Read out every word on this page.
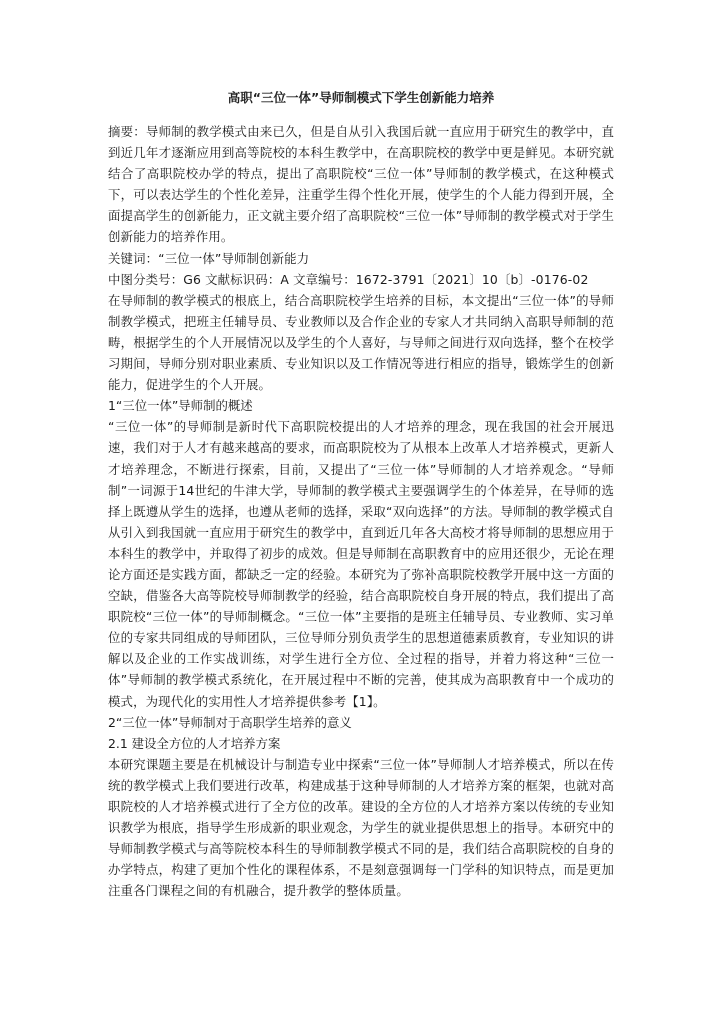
高职“三位一体”导师制模式下学生创新能力培养

摘要：导师制的教学模式由来已久，但是自从引入我国后就一直应用于研究生的教学中，直到近几年才逐渐应用到高等院校的本科生教学中，在高职院校的教学中更是鲜见。本研究就结合了高职院校办学的特点，提出了高职院校“三位一体”导师制的教学模式，在这种模式下，可以表达学生的个性化差异，注重学生得个性化开展，使学生的个人能力得到开展，全面提高学生的创新能力，正文就主要介绍了高职院校“三位一体”导师制的教学模式对于学生创新能力的培养作用。

关键词：“三位一体”导师制创新能力

中图分类号：G6 文献标识码：A 文章编号：1672-3791〔2021〕10〔b〕-0176-02

在导师制的教学模式的根底上，结合高职院校学生培养的目标，本文提出“三位一体”的导师制教学模式，把班主任辅导员、专业教师以及合作企业的专家人才共同纳入高职导师制的范畴，根据学生的个人开展情况以及学生的个人喜好，与导师之间进行双向选择，整个在校学习期间，导师分别对职业素质、专业知识以及工作情况等进行相应的指导，锻炼学生的创新能力，促进学生的个人开展。

1“三位一体”导师制的概述

“三位一体”的导师制是新时代下高职院校提出的人才培养的理念，现在我国的社会开展迅速，我们对于人才有越来越高的要求，而高职院校为了从根本上改革人才培养模式，更新人才培养理念，不断进行探索，目前，又提出了“三位一体”导师制的人才培养观念。“导师制”一词源于14世纪的牛津大学，导师制的教学模式主要强调学生的个体差异，在导师的选择上既遵从学生的选择，也遵从老师的选择，采取“双向选择”的方法。导师制的教学模式自从引入到我国就一直应用于研究生的教学中，直到近几年各大高校才将导师制的思想应用于本科生的教学中，并取得了初步的成效。但是导师制在高职教育中的应用还很少，无论在理论方面还是实践方面，都缺乏一定的经验。本研究为了弥补高职院校教学开展中这一方面的空缺，借鉴各大高等院校导师制教学的经验，结合高职院校自身开展的特点，我们提出了高职院校“三位一体”的导师制概念。“三位一体”主要指的是班主任辅导员、专业教师、实习单位的专家共同组成的导师团队，三位导师分别负责学生的思想道德素质教育，专业知识的讲解以及企业的工作实战训练，对学生进行全方位、全过程的指导，并着力将这种“三位一体”导师制的教学模式系统化，在开展过程中不断的完善，使其成为高职教育中一个成功的模式，为现代化的实用性人才培养提供参考【1】。

2“三位一体”导师制对于高职学生培养的意义

2.1 建设全方位的人才培养方案

本研究课题主要是在机械设计与制造专业中探索“三位一体”导师制人才培养模式，所以在传统的教学模式上我们要进行改革，构建成基于这种导师制的人才培养方案的框架，也就对高职院校的人才培养模式进行了全方位的改革。建设的全方位的人才培养方案以传统的专业知识教学为根底，指导学生形成新的职业观念，为学生的就业提供思想上的指导。本研究中的导师制教学模式与高等院校本科生的导师制教学模式不同的是，我们结合高职院校的自身的办学特点，构建了更加个性化的课程体系，不是刻意强调每一门学科的知识特点，而是更加注重各门课程之间的有机融合，提升教学的整体质量。
